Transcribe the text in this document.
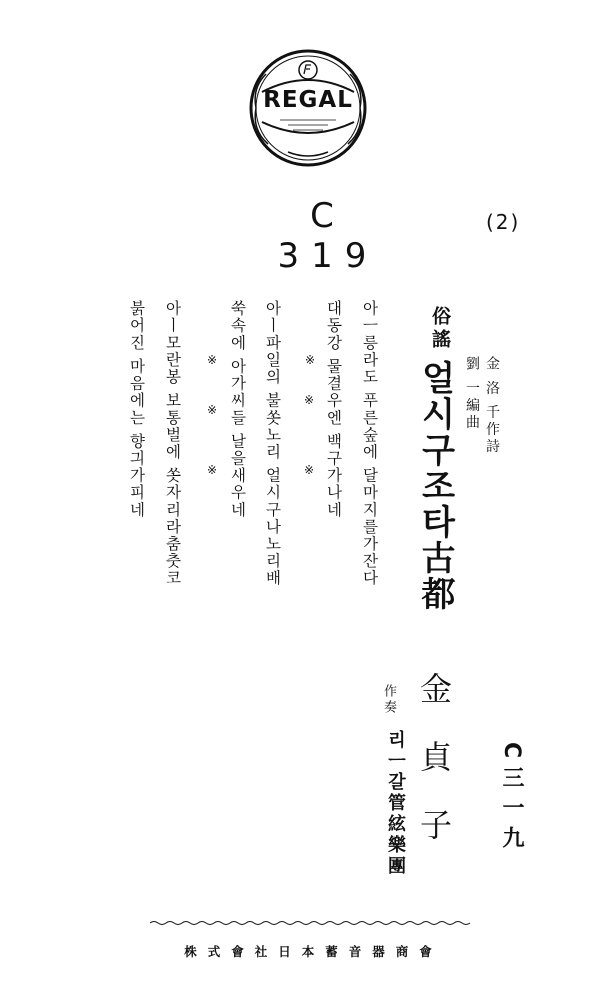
REGAL
C 319
(2)
俗謠
金 洛 千作詩
劉 一編曲
얼시구조타古都
아ㅡ릉라도 푸른숲에 달마지를가잔다
대동강 물결우엔 백구가나네
※
※
※
아ㅣ파일의 불쏫노리 얼시구나노리배
쑥속에 아가씨들 날을새우네
※
※
※
아ㅣ모란봉 보통벌에 쏫자리라춤춧코
붉어진 마음에는 향긔가피네
作奏 金貞子
리ㅡ갈管絃樂團	C三一九
株式會社日本蓄音器商會
